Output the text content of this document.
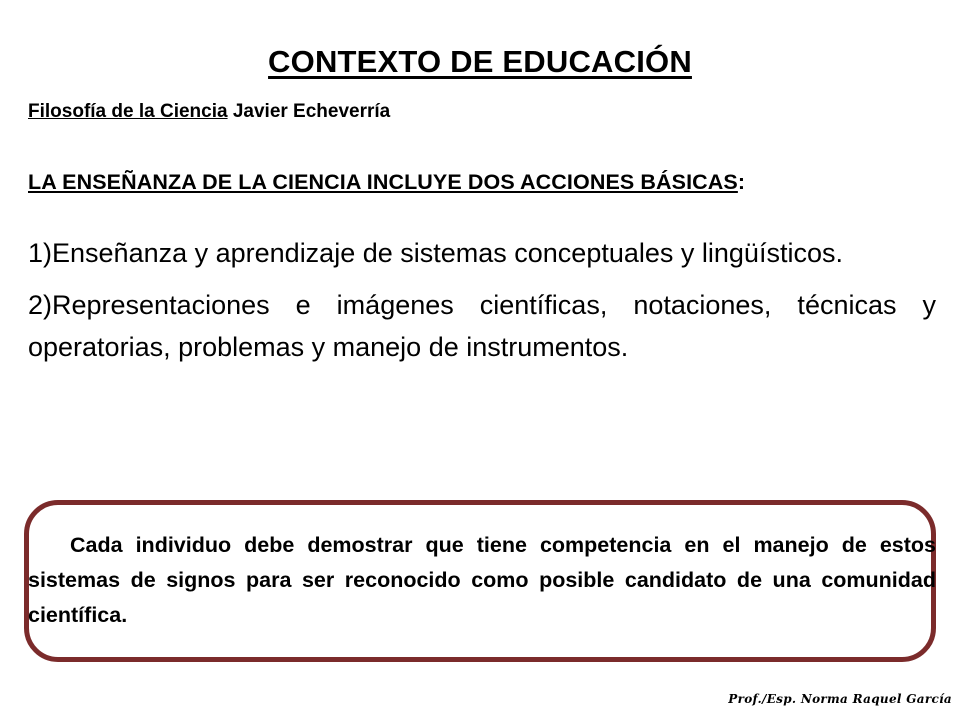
CONTEXTO DE EDUCACIÓN
Filosofía de la Ciencia Javier Echeverría
LA ENSEÑANZA DE LA CIENCIA INCLUYE DOS ACCIONES BÁSICAS:

1)Enseñanza y aprendizaje de sistemas conceptuales y lingüísticos.

2)Representaciones e imágenes científicas, notaciones, técnicas y operatorias, problemas y manejo de instrumentos.

Cada individuo debe demostrar que tiene competencia en el manejo de estos sistemas de signos para ser reconocido como posible candidato de una comunidad científica.
Prof./Esp. Norma Raquel García
